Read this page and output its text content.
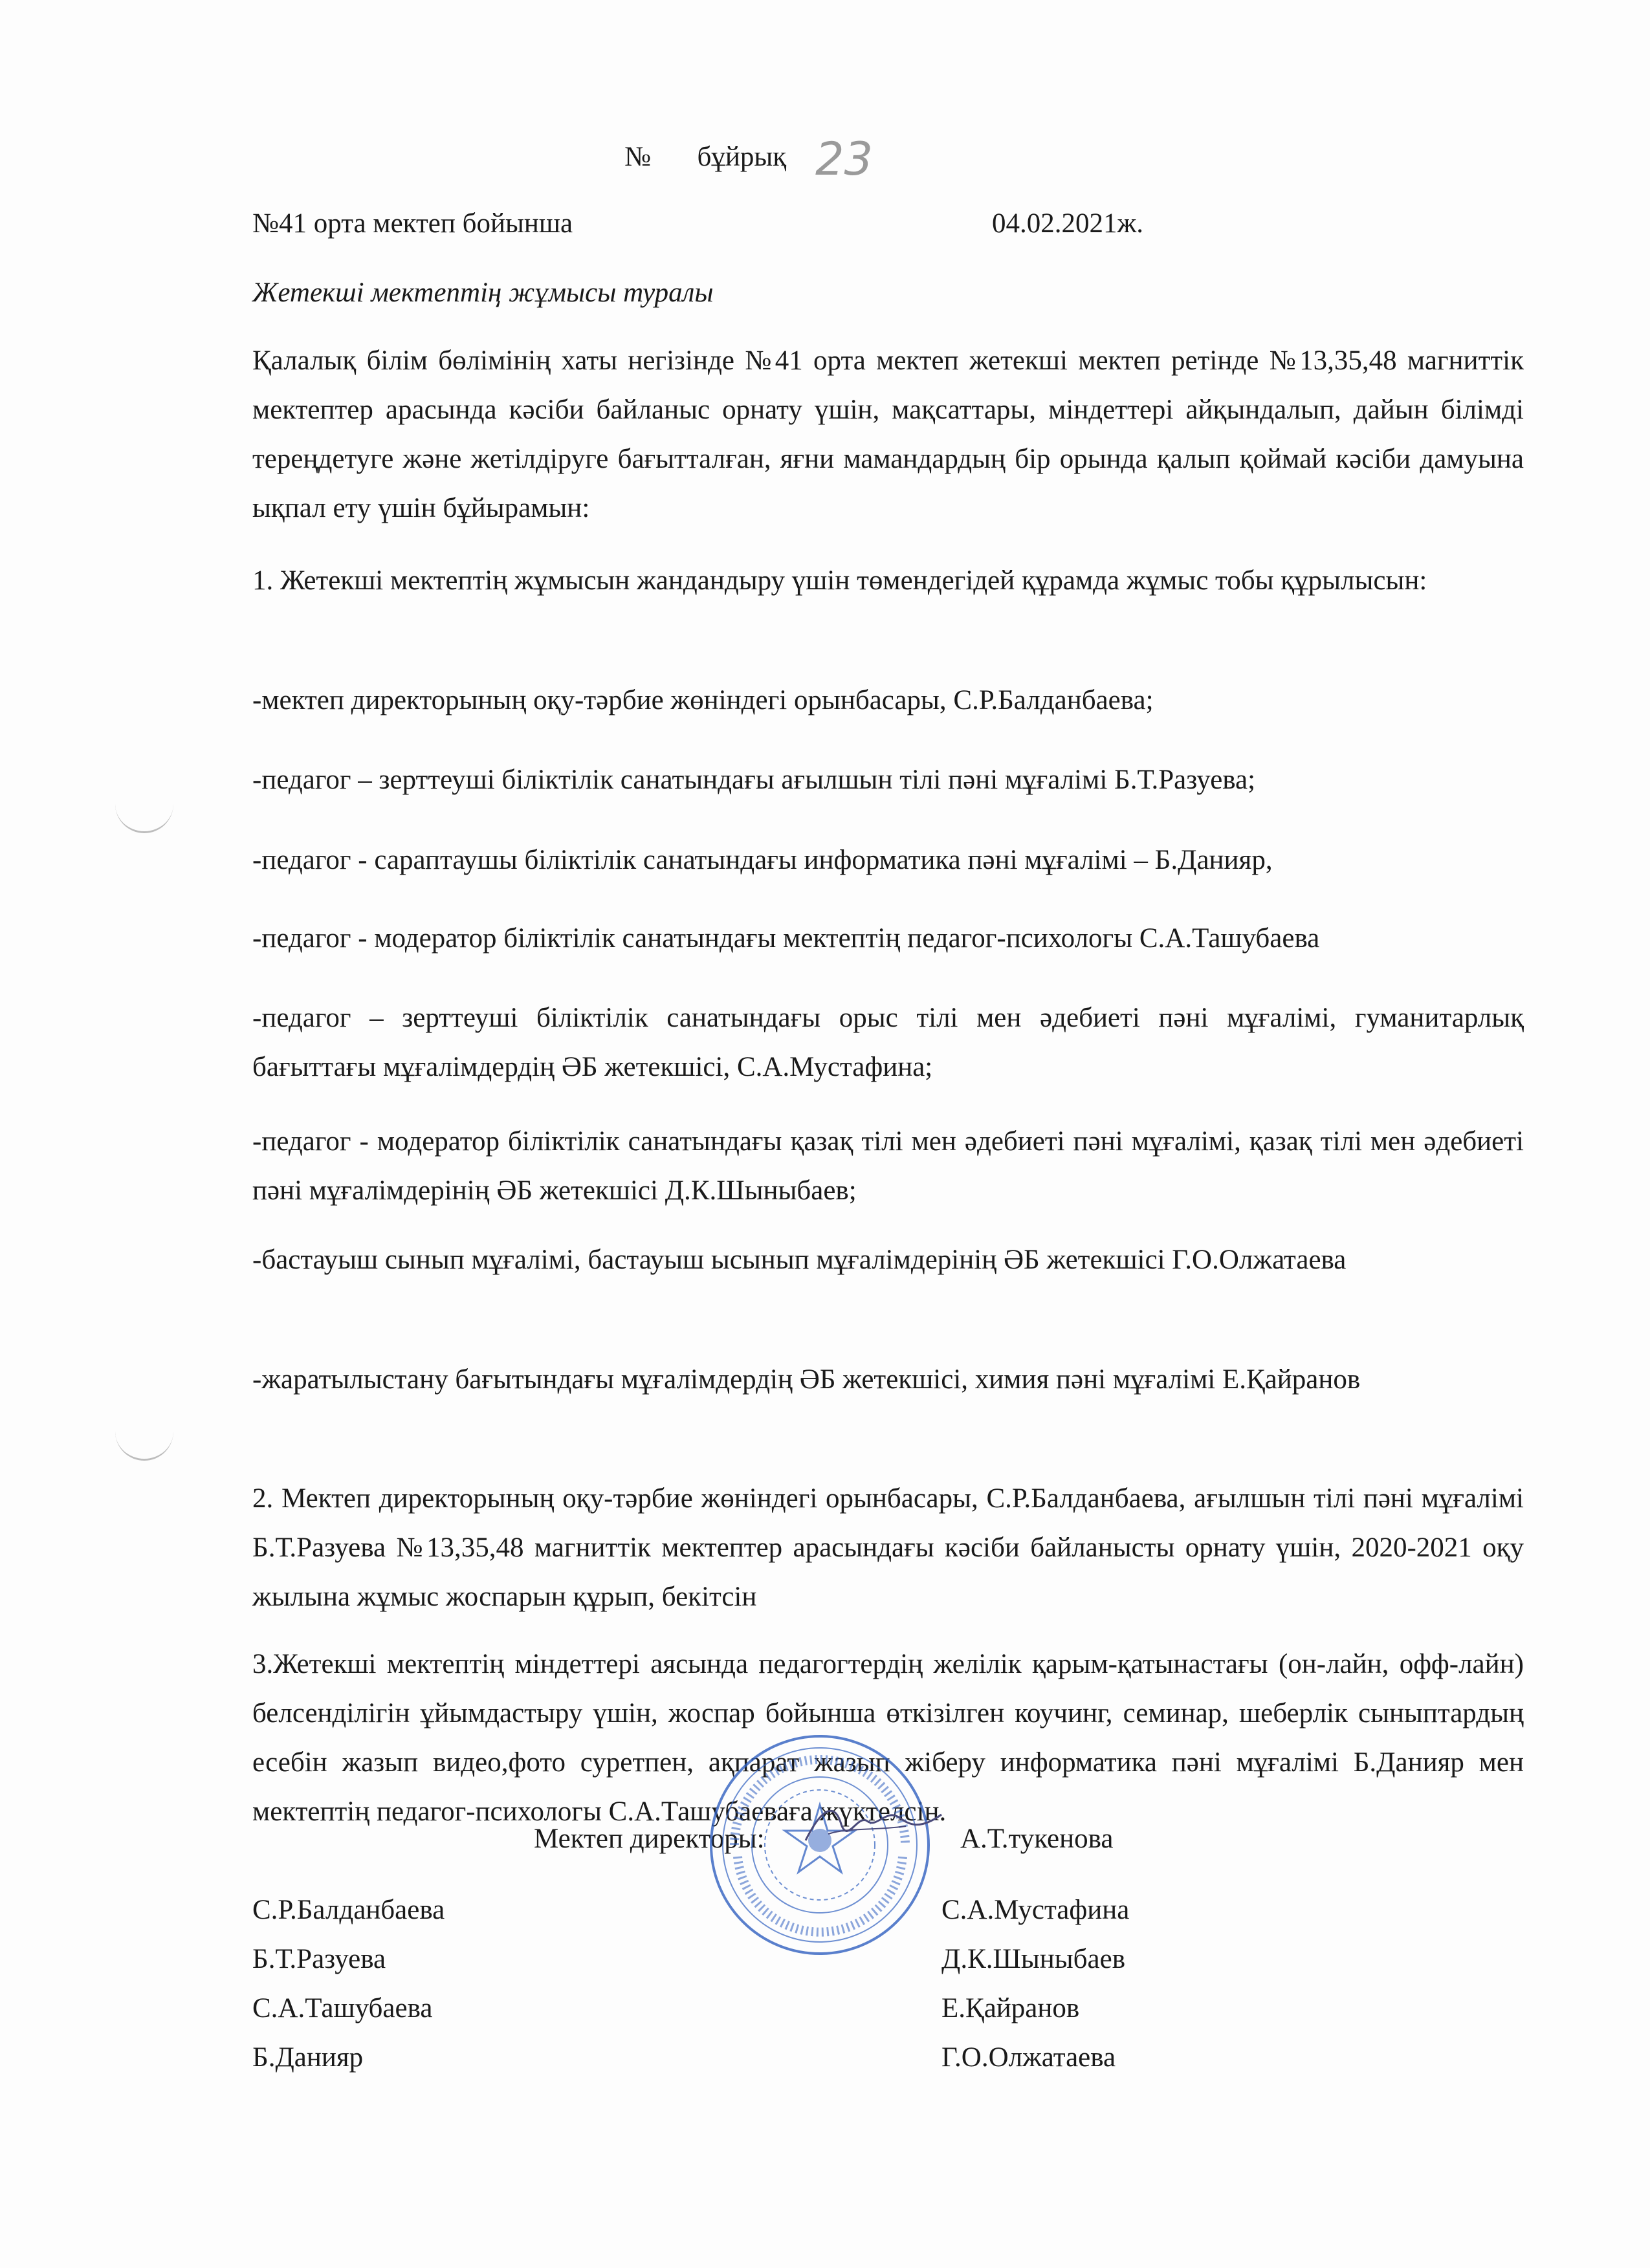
№ бұйрық 23
№41 орта мектеп бойынша	04.02.2021ж.
Жетекші мектептің жұмысы туралы
Қалалық білім бөлімінің хаты негізінде №41 орта мектеп жетекші мектеп ретінде №13,35,48 магниттік мектептер арасында кәсіби байланыс орнату үшін, мақсаттары, міндеттері айқындалып, дайын білімді тереңдетуге және жетілдіруге бағытталған, яғни мамандардың бір орында қалып қоймай кәсіби дамуына ықпал ету үшін бұйырамын:
1. Жетекші мектептің жұмысын жандандыру үшін төмендегідей құрамда жұмыс тобы құрылысын:
-мектеп директорының оқу-тәрбие жөніндегі орынбасары, С.Р.Балданбаева;
-педагог – зерттеуші біліктілік санатындағы ағылшын тілі пәні мұғалімі Б.Т.Разуева;
-педагог - сараптаушы біліктілік санатындағы информатика пәні мұғалімі – Б.Данияр,
-педагог - модератор біліктілік санатындағы мектептің педагог-психологы С.А.Ташубаева
-педагог – зерттеуші біліктілік санатындағы орыс тілі мен әдебиеті пәні мұғалімі, гуманитарлық бағыттағы мұғалімдердің ӘБ жетекшісі, С.А.Мустафина;
-педагог - модератор біліктілік санатындағы қазақ тілі мен әдебиеті пәні мұғалімі, қазақ тілі мен әдебиеті пәні мұғалімдерінің ӘБ жетекшісі Д.К.Шыныбаев;
-бастауыш сынып мұғалімі, бастауыш ысынып мұғалімдерінің ӘБ жетекшісі Г.О.Олжатаева
-жаратылыстану бағытындағы мұғалімдердің ӘБ жетекшісі, химия пәні мұғалімі Е.Қайранов
2. Мектеп директорының оқу-тәрбие жөніндегі орынбасары, С.Р.Балданбаева, ағылшын тілі пәні мұғалімі Б.Т.Разуева №13,35,48 магниттік мектептер арасындағы кәсіби байланысты орнату үшін, 2020-2021 оқу жылына жұмыс жоспарын құрып, бекітсін
3.Жетекші мектептің міндеттері аясында педагогтердің желілік қарым-қатынастағы (он-лайн, офф-лайн) белсенділігін ұйымдастыру үшін, жоспар бойынша өткізілген коучинг, семинар, шеберлік сыныптардың есебін жазып видео,фото суретпен, ақпарат жазып жіберу информатика пәні мұғалімі Б.Данияр мен мектептің педагог-психологы С.А.Ташубаеваға жүктелсін.
Мектеп директоры:	А.Т.тукенова
С.Р.Балданбаева
Б.Т.Разуева
С.А.Ташубаева
Б.Данияр
С.А.Мустафина
Д.К.Шыныбаев
Е.Қайранов
Г.О.Олжатаева
